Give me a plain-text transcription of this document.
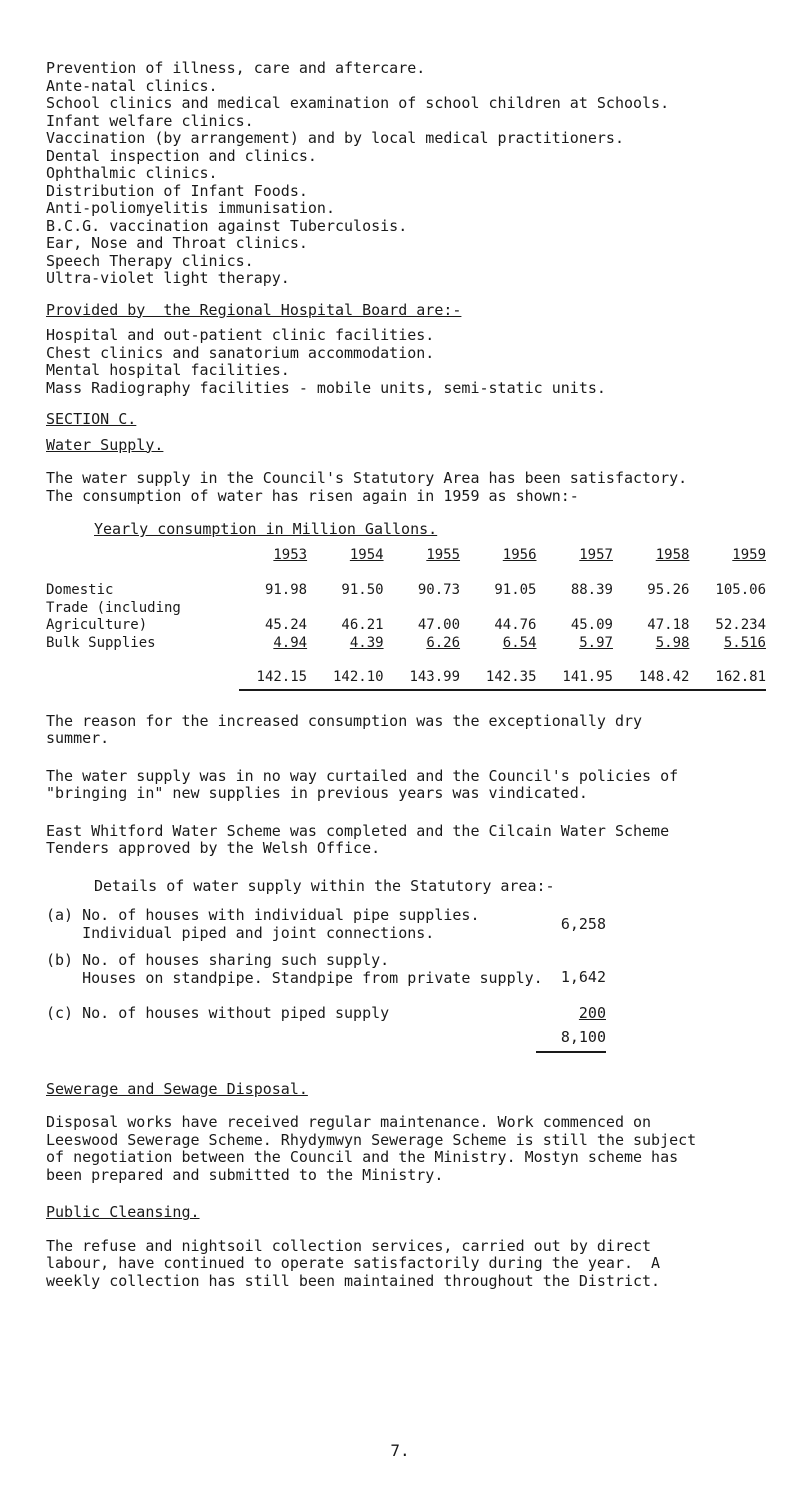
Prevention of illness, care and aftercare.
Ante-natal clinics.
School clinics and medical examination of school children at Schools.
Infant welfare clinics.
Vaccination (by arrangement) and by local medical practitioners.
Dental inspection and clinics.
Ophthalmic clinics.
Distribution of Infant Foods.
Anti-poliomyelitis immunisation.
B.C.G. vaccination against Tuberculosis.
Ear, Nose and Throat clinics.
Speech Therapy clinics.
Ultra-violet light therapy.
Provided by  the Regional Hospital Board are:-
Hospital and out-patient clinic facilities.
Chest clinics and sanatorium accommodation.
Mental hospital facilities.
Mass Radiography facilities - mobile units, semi-static units.
SECTION C.
Water Supply.
The water supply in the Council's Statutory Area has been satisfactory.
The consumption of water has risen again in 1959 as shown:-
Yearly consumption in Million Gallons.
	1953	1954	1955	1956	1957	1958	1959

Domestic	91.98	91.50	90.73	91.05	88.39	95.26	105.06
Trade (including							
Agriculture)	45.24	46.21	47.00	44.76	45.09	47.18	52.234
Bulk Supplies	4.94	4.39	6.26	6.54	5.97	5.98	5.516

	142.15	142.10	143.99	142.35	141.95	148.42	162.81
The reason for the increased consumption was the exceptionally dry
summer.
The water supply was in no way curtailed and the Council's policies of
"bringing in" new supplies in previous years was vindicated.
East Whitford Water Scheme was completed and the Cilcain Water Scheme
Tenders approved by the Welsh Office.
Details of water supply within the Statutory area:-
(a) No. of houses with individual pipe supplies.
Individual piped and joint connections.	6,258
(b) No. of houses sharing such supply.
Houses on standpipe. Standpipe from private supply.	1,642
(c) No. of houses without piped supply	200
8,100
Sewerage and Sewage Disposal.
Disposal works have received regular maintenance. Work commenced on
Leeswood Sewerage Scheme. Rhydymwyn Sewerage Scheme is still the subject
of negotiation between the Council and the Ministry. Mostyn scheme has
been prepared and submitted to the Ministry.
Public Cleansing.
The refuse and nightsoil collection services, carried out by direct
labour, have continued to operate satisfactorily during the year.  A
weekly collection has still been maintained throughout the District.
7.
